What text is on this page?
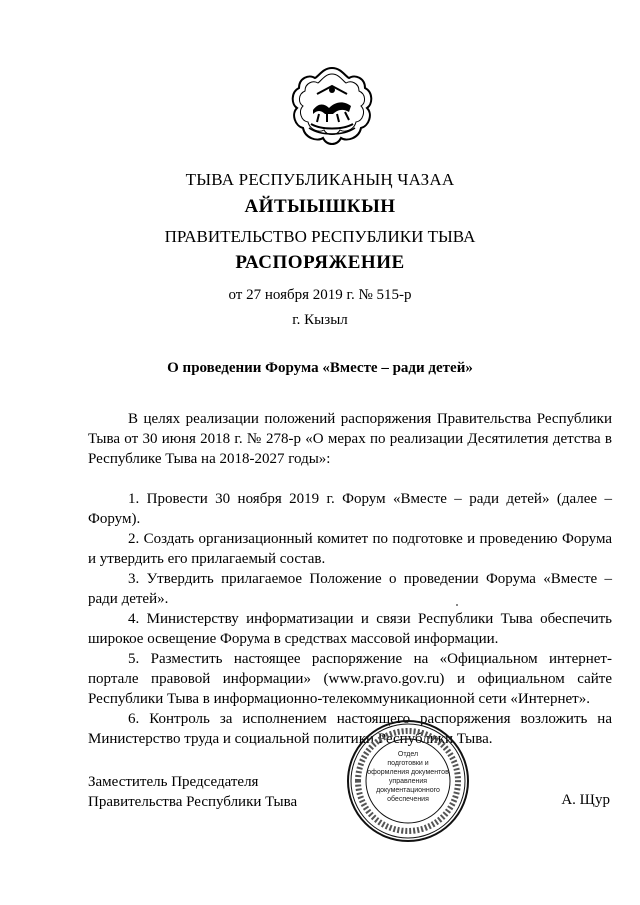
ТЫВА РЕСПУБЛИКАНЫҢ ЧАЗАА
АЙТЫЫШКЫН
ПРАВИТЕЛЬСТВО РЕСПУБЛИКИ ТЫВА
РАСПОРЯЖЕНИЕ
от 27 ноября 2019 г. № 515-р
г. Кызыл
О проведении Форума «Вместе – ради детей»

В целях реализации положений распоряжения Правительства Республики Тыва от 30 июня 2018 г. № 278-р «О мерах по реализации Десятилетия детства в Республике Тыва на 2018-2027 годы»:

1. Провести 30 ноября 2019 г. Форум «Вместе – ради детей» (далее – Форум).

2. Создать организационный комитет по подготовке и проведению Форума и утвердить его прилагаемый состав.

3. Утвердить прилагаемое Положение о проведении Форума «Вместе – ради детей».

4. Министерству информатизации и связи Республики Тыва обеспечить широкое освещение Форума в средствах массовой информации.

5. Разместить настоящее распоряжение на «Официальном интернет-портале правовой информации» (www.pravo.gov.ru) и официальном сайте Республики Тыва в информационно-телекоммуникационной сети «Интернет».

6. Контроль за исполнением настоящего распоряжения возложить на Министерство труда и социальной политики Республики Тыва.

Отдел
подготовки и
оформления документов
управления
документационного
обеспечения
Заместитель Председателя
Правительства Республики Тыва	А. Щур
